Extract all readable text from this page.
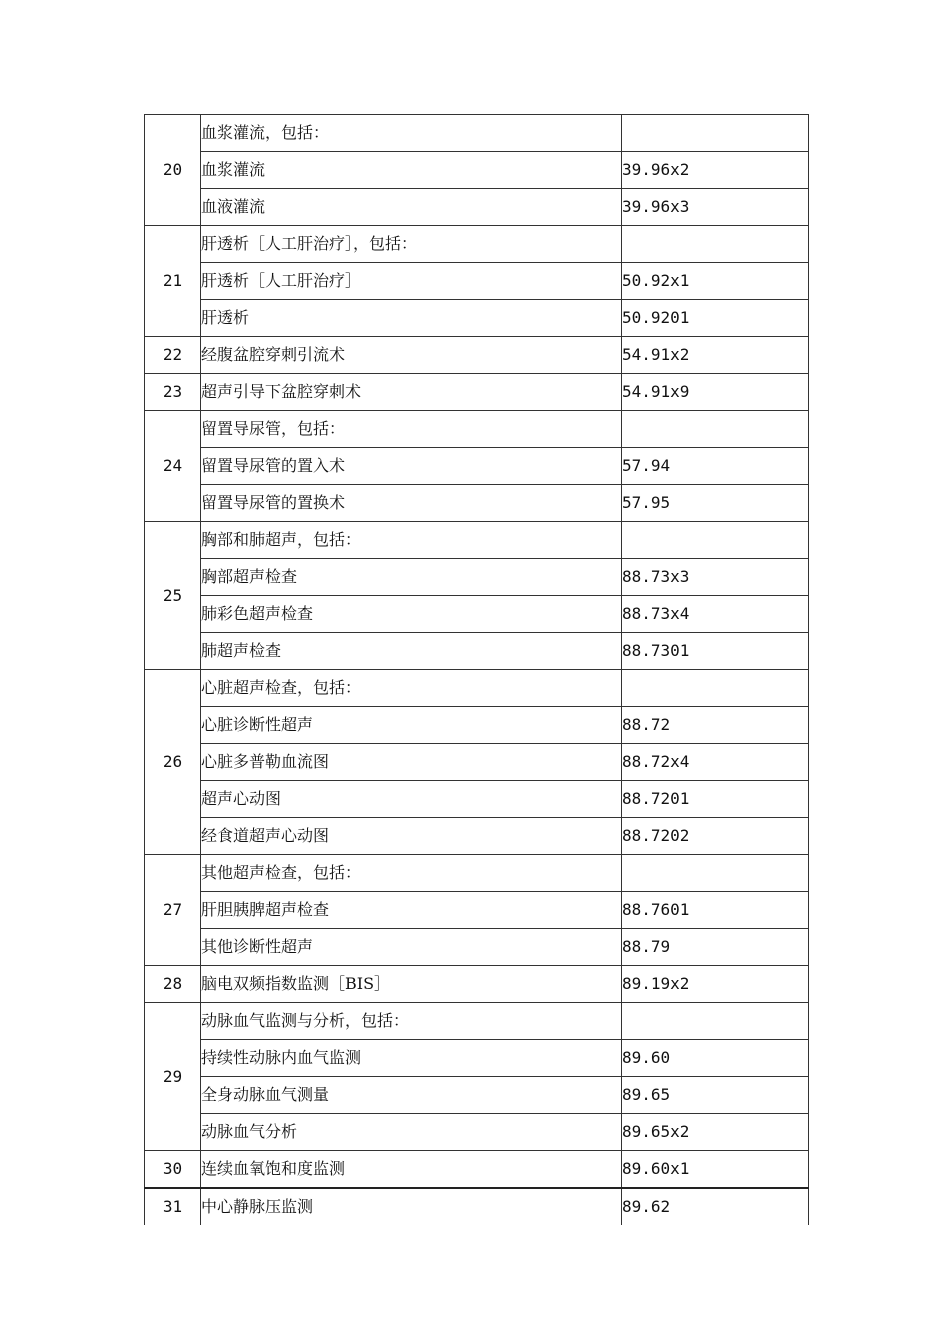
20	血浆灌流，包括：	
	血浆灌流	39.96x2
	血液灌流	39.96x3
21	肝透析［人工肝治疗］，包括：	
	肝透析［人工肝治疗］	50.92x1
	肝透析	50.9201
22	经腹盆腔穿刺引流术	54.91x2
23	超声引导下盆腔穿刺术	54.91x9
24	留置导尿管，包括：	
	留置导尿管的置入术	57.94
	留置导尿管的置换术	57.95
25	胸部和肺超声，包括：	
	胸部超声检查	88.73x3
	肺彩色超声检查	88.73x4
	肺超声检查	88.7301
26	心脏超声检查，包括：	
	心脏诊断性超声	88.72
	心脏多普勒血流图	88.72x4
	超声心动图	88.7201
	经食道超声心动图	88.7202
27	其他超声检查，包括：	
	肝胆胰脾超声检查	88.7601
	其他诊断性超声	88.79
28	脑电双频指数监测［BIS］	89.19x2
29	动脉血气监测与分析，包括：	
	持续性动脉内血气监测	89.60
	全身动脉血气测量	89.65
	动脉血气分析	89.65x2
30	连续血氧饱和度监测	89.60x1
31	中心静脉压监测	89.62
